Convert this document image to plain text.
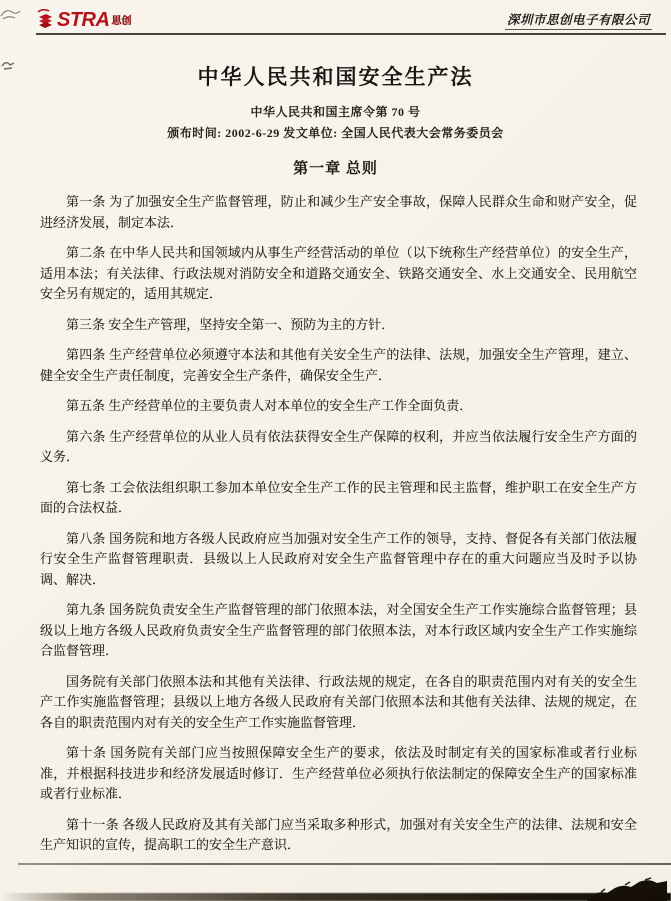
STRA 思创	深圳市思创电子有限公司
中华人民共和国安全生产法
中华人民共和国主席令第 70 号
颁布时间: 2002-6-29 发文单位: 全国人民代表大会常务委员会
第一章 总则

第一条 为了加强安全生产监督管理，防止和减少生产安全事故，保障人民群众生命和财产安全，促进经济发展，制定本法．

第二条 在中华人民共和国领域内从事生产经营活动的单位（以下统称生产经营单位）的安全生产，适用本法；有关法律、行政法规对消防安全和道路交通安全、铁路交通安全、水上交通安全、民用航空安全另有规定的，适用其规定．

第三条 安全生产管理，坚持安全第一、预防为主的方针．

第四条 生产经营单位必须遵守本法和其他有关安全生产的法律、法规，加强安全生产管理，建立、健全安全生产责任制度，完善安全生产条件，确保安全生产．

第五条 生产经营单位的主要负责人对本单位的安全生产工作全面负责．

第六条 生产经营单位的从业人员有依法获得安全生产保障的权利，并应当依法履行安全生产方面的义务．

第七条 工会依法组织职工参加本单位安全生产工作的民主管理和民主监督，维护职工在安全生产方面的合法权益．

第八条 国务院和地方各级人民政府应当加强对安全生产工作的领导，支持、督促各有关部门依法履行安全生产监督管理职责．县级以上人民政府对安全生产监督管理中存在的重大问题应当及时予以协调、解决．

第九条 国务院负责安全生产监督管理的部门依照本法，对全国安全生产工作实施综合监督管理；县级以上地方各级人民政府负责安全生产监督管理的部门依照本法，对本行政区域内安全生产工作实施综合监督管理．

国务院有关部门依照本法和其他有关法律、行政法规的规定，在各自的职责范围内对有关的安全生产工作实施监督管理；县级以上地方各级人民政府有关部门依照本法和其他有关法律、法规的规定，在各自的职责范围内对有关的安全生产工作实施监督管理．

第十条 国务院有关部门应当按照保障安全生产的要求，依法及时制定有关的国家标准或者行业标准，并根据科技进步和经济发展适时修订．生产经营单位必须执行依法制定的保障安全生产的国家标准或者行业标准．

第十一条 各级人民政府及其有关部门应当采取多种形式，加强对有关安全生产的法律、法规和安全生产知识的宣传，提高职工的安全生产意识．
